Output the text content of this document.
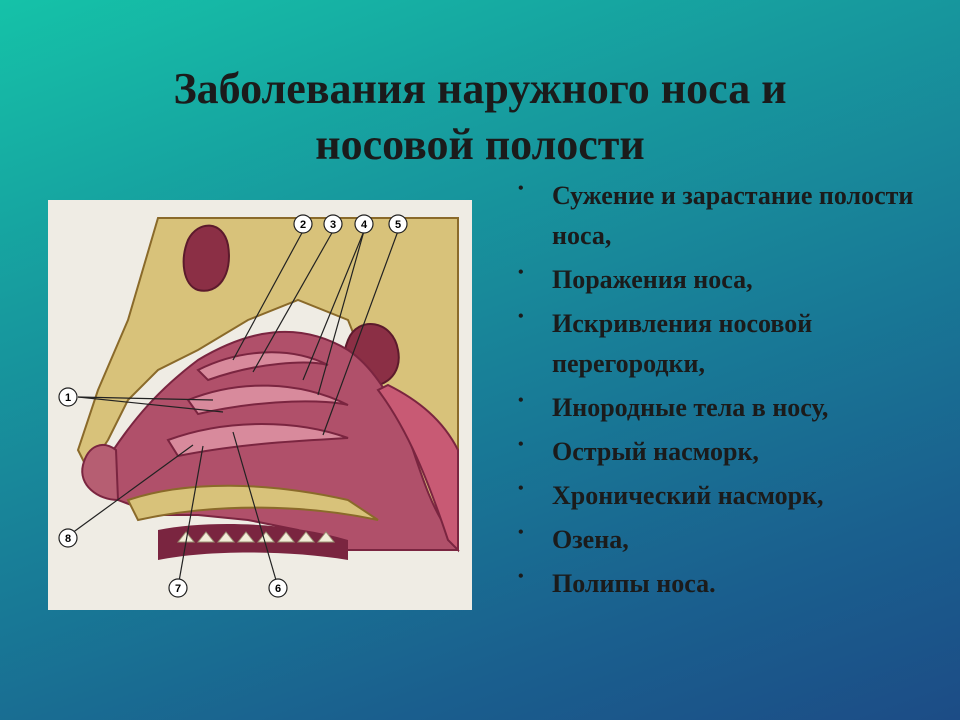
Заболевания наружного носа и
носовой полости
1
2 3 4	5
6
7
8
• Сужение и зарастание полости носа,
• Поражения носа,
• Искривления носовой перегородки,
• Инородные тела в носу,
• Острый насморк,
• Хронический насморк,
• Озена,
• Полипы носа.
